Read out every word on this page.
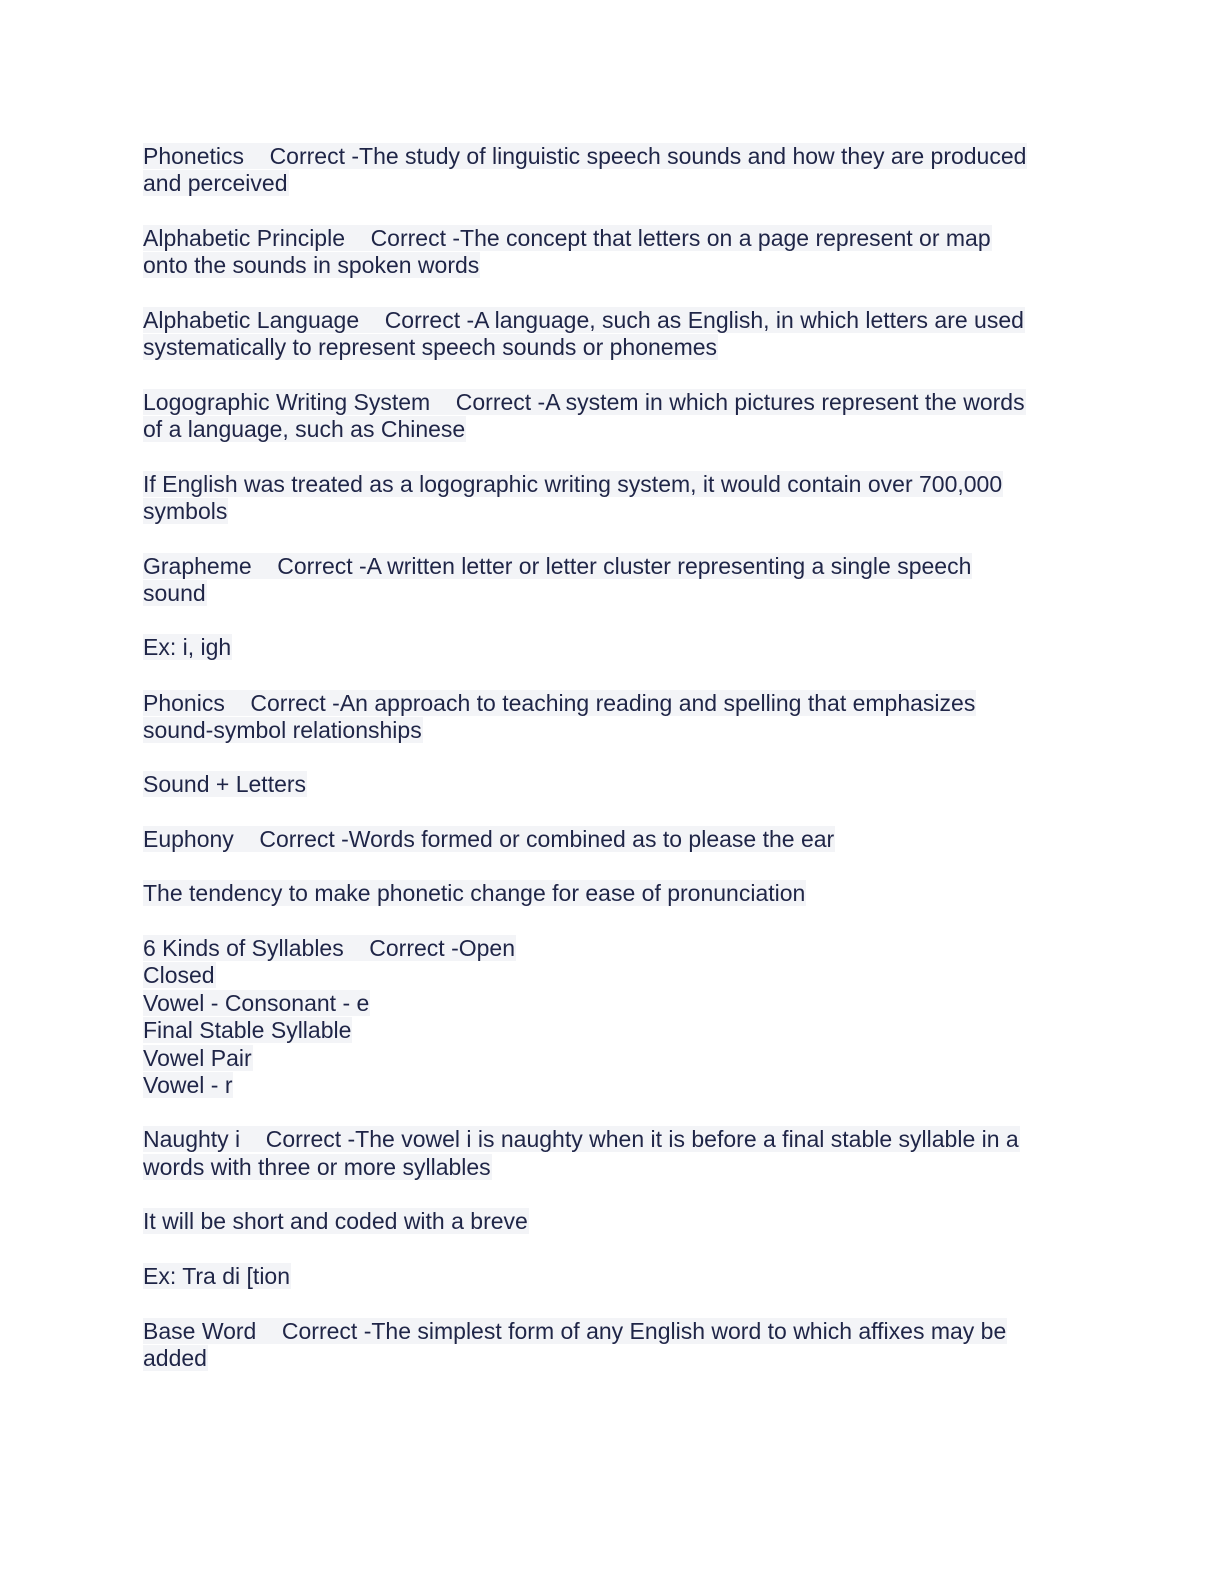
Phonetics    Correct -The study of linguistic speech sounds and how they are produced
and perceived
Alphabetic Principle    Correct -The concept that letters on a page represent or map
onto the sounds in spoken words
Alphabetic Language    Correct -A language, such as English, in which letters are used
systematically to represent speech sounds or phonemes
Logographic Writing System    Correct -A system in which pictures represent the words
of a language, such as Chinese
If English was treated as a logographic writing system, it would contain over 700,000
symbols
Grapheme    Correct -A written letter or letter cluster representing a single speech
sound
Ex: i, igh
Phonics    Correct -An approach to teaching reading and spelling that emphasizes
sound-symbol relationships
Sound + Letters
Euphony    Correct -Words formed or combined as to please the ear
The tendency to make phonetic change for ease of pronunciation
6 Kinds of Syllables    Correct -Open
Closed
Vowel - Consonant - e
Final Stable Syllable
Vowel Pair
Vowel - r
Naughty i    Correct -The vowel i is naughty when it is before a final stable syllable in a
words with three or more syllables
It will be short and coded with a breve
Ex: Tra di [tion
Base Word    Correct -The simplest form of any English word to which affixes may be
added
